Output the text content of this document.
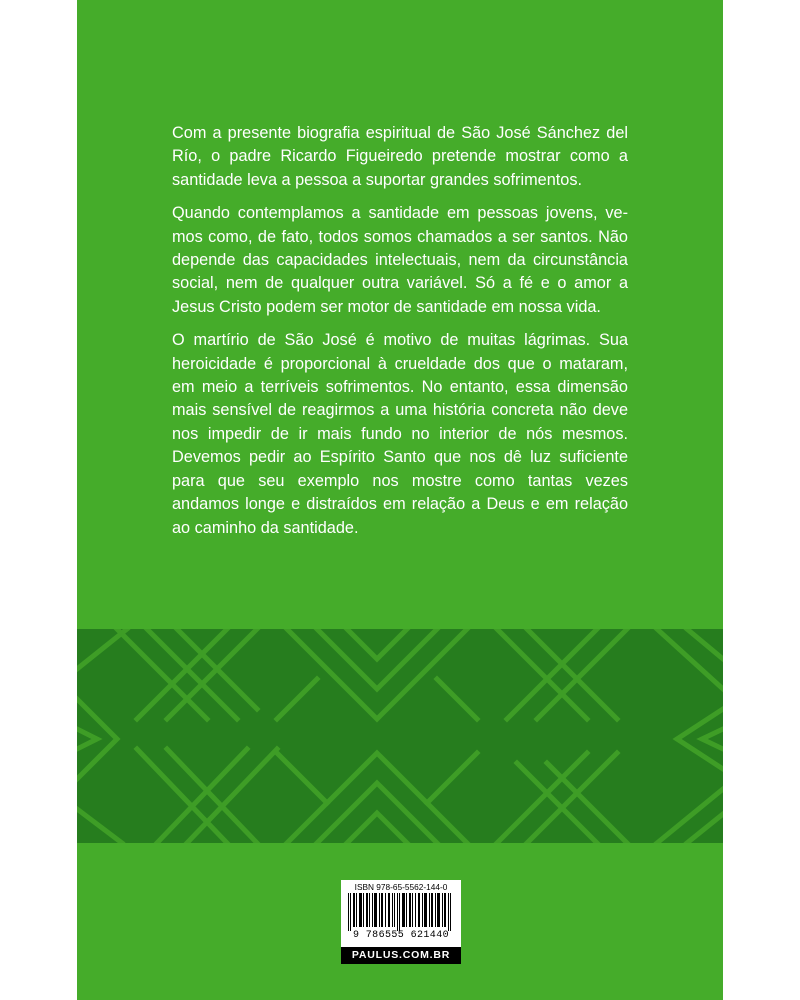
Com a presente biografia espiritual de São José Sánchez del Río, o padre Ricardo Figueiredo pretende mostrar como a santidade leva a pessoa a suportar grandes sofrimentos.

Quando contemplamos a santidade em pessoas jovens, vemos como, de fato, todos somos chamados a ser santos. Não depende das capacidades intelectuais, nem da circunstância social, nem de qualquer outra variável. Só a fé e o amor a Jesus Cristo podem ser motor de santidade em nossa vida.

O martírio de São José é motivo de muitas lágrimas. Sua heroicidade é proporcional à crueldade dos que o mataram, em meio a terríveis sofrimentos. No entanto, essa dimensão mais sensível de reagirmos a uma história concreta não deve nos impedir de ir mais fundo no interior de nós mesmos. Devemos pedir ao Espírito Santo que nos dê luz suficiente para que seu exemplo nos mostre como tantas vezes andamos longe e distraídos em relação a Deus e em relação ao caminho da santidade.

ISBN 978-65-5562-144-0
9 786555 621440
PAULUS.COM.BR
